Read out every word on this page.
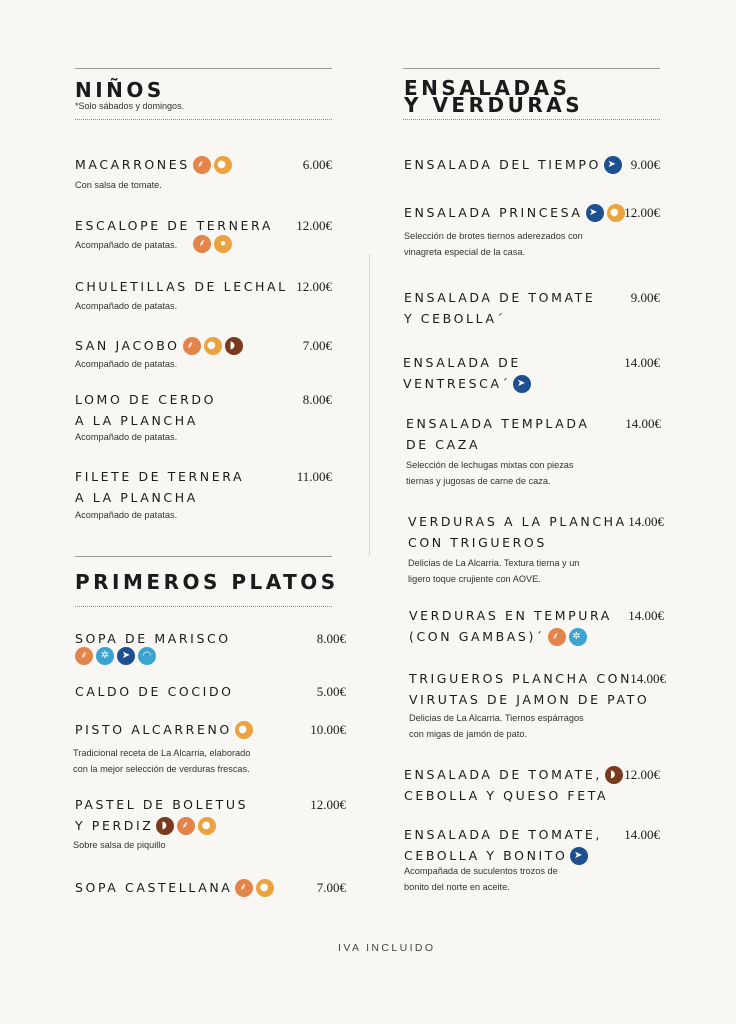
NIÑOS
*Solo sábados y domingos.
MACARRONES ⸙ ●	6.00€
Con salsa de tomate.
ESCALOPE DE TERNERA
⸙ ●
12.00€
Acompañado de patatas.
CHULETILLAS DE LECHAL 12.00€
Acompañado de patatas.
SAN JACOBO ⸙ ● ◗	7.00€
Acompañado de patatas.
LOMO DE CERDO
A LA PLANCHA
8.00€
Acompañado de patatas.
FILETE DE TERNERA
A LA PLANCHA
11.00€
Acompañado de patatas.
PRIMEROS PLATOS
SOPA DE MARISCO
⸙ ✲ ➤ ◠
8.00€
CALDO DE COCIDO	5.00€
PISTO ALCARRENO ●	10.00€
Tradicional receta de La Alcarria, elaborado
con la mejor selección de verduras frescas.
PASTEL DE BOLETUS
Y PERDIZ ◗ ⸙ ●
12.00€
Sobre salsa de piquillo
SOPA CASTELLANA ⸙ ●	7.00€
ENSALADAS
Y VERDURAS
ENSALADA DEL TIEMPO ➤ 9.00€
ENSALADA PRINCESA ➤ ● 12.00€
Selección de brotes tiernos aderezados con
vinagreta especial de la casa.
ENSALADA DE TOMATE
Y CEBOLLA´
9.00€
ENSALADA DE
VENTRESCA´ ➤
14.00€
ENSALADA TEMPLADA
DE CAZA
14.00€
Selección de lechugas mixtas con piezas
tiernas y jugosas de carne de caza.
VERDURAS A LA PLANCHA
CON TRIGUEROS
14.00€
Delicias de La Alcarria. Textura tierna y un
ligero toque crujiente con AOVE.
VERDURAS EN TEMPURA
(CON GAMBAS)´ ⸙ ✲
14.00€
TRIGUEROS PLANCHA CON
VIRUTAS DE JAMON DE PATO
14.00€
Delicias de La Alcarria. Tiernos espárragos
con migas de jamón de pato.
ENSALADA DE TOMATE, ◗
CEBOLLA Y QUESO FETA
12.00€
ENSALADA DE TOMATE,
CEBOLLA Y BONITO ➤
14.00€
Acompañada de suculentos trozos de
bonito del norte en aceite.
IVA INCLUIDO
